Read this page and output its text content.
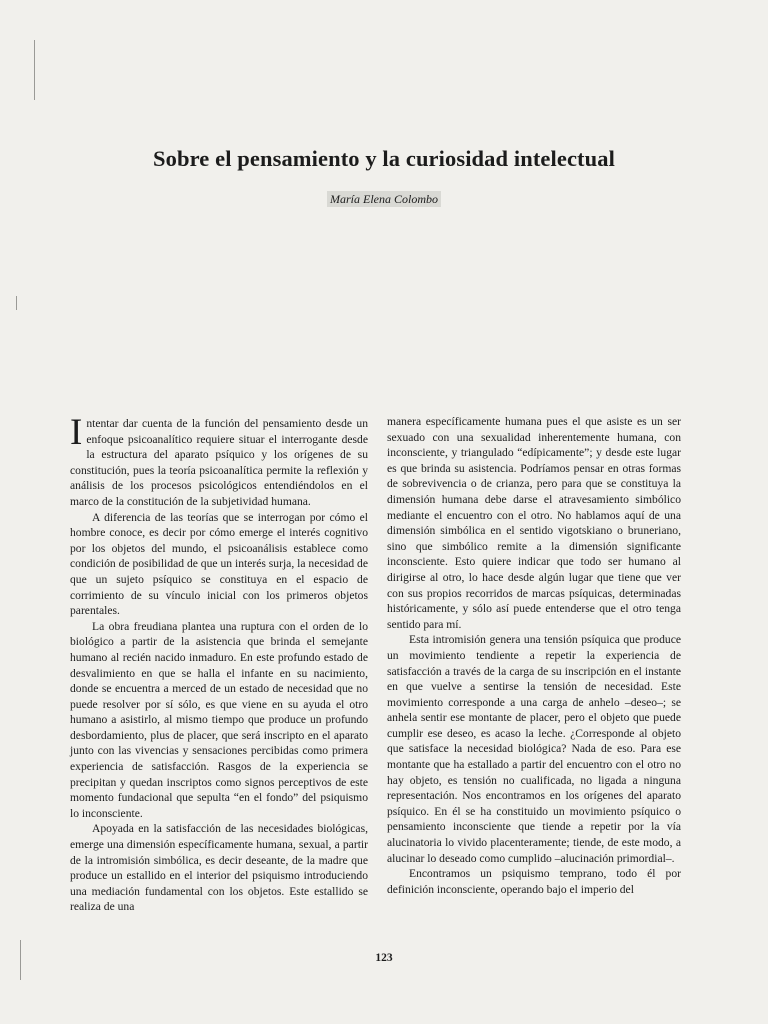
Sobre el pensamiento y la curiosidad intelectual
María Elena Colombo

Intentar dar cuenta de la función del pensamiento desde un enfoque psicoanalítico requiere situar el interrogante desde la estructura del aparato psíquico y los orígenes de su constitución, pues la teoría psicoanalítica permite la reflexión y análisis de los procesos psicológicos entendiéndolos en el marco de la constitución de la subjetividad humana.

A diferencia de las teorías que se interrogan por cómo el hombre conoce, es decir por cómo emerge el interés cognitivo por los objetos del mundo, el psicoanálisis establece como condición de posibilidad de que un interés surja, la necesidad de que un sujeto psíquico se constituya en el espacio de corrimiento de su vínculo inicial con los primeros objetos parentales.

La obra freudiana plantea una ruptura con el orden de lo biológico a partir de la asistencia que brinda el semejante humano al recién nacido inmaduro. En este profundo estado de desvalimiento en que se halla el infante en su nacimiento, donde se encuentra a merced de un estado de necesidad que no puede resolver por sí sólo, es que viene en su ayuda el otro humano a asistirlo, al mismo tiempo que produce un profundo desbordamiento, plus de placer, que será inscripto en el aparato junto con las vivencias y sensaciones percibidas como primera experiencia de satisfacción. Rasgos de la experiencia se precipitan y quedan inscriptos como signos perceptivos de este momento fundacional que sepulta “en el fondo” del psiquismo lo inconsciente.

Apoyada en la satisfacción de las necesidades biológicas, emerge una dimensión específicamente humana, sexual, a partir de la intromisión simbólica, es decir deseante, de la madre que produce un estallido en el interior del psiquismo introduciendo una mediación fundamental con los objetos. Este estallido se realiza de una

manera específicamente humana pues el que asiste es un ser sexuado con una sexualidad inherentemente humana, con inconsciente, y triangulado “edípicamente”; y desde este lugar es que brinda su asistencia. Podríamos pensar en otras formas de sobrevivencia o de crianza, pero para que se constituya la dimensión humana debe darse el atravesamiento simbólico mediante el encuentro con el otro. No hablamos aquí de una dimensión simbólica en el sentido vigotskiano o bruneriano, sino que simbólico remite a la dimensión significante inconsciente. Esto quiere indicar que todo ser humano al dirigirse al otro, lo hace desde algún lugar que tiene que ver con sus propios recorridos de marcas psíquicas, determinadas históricamente, y sólo así puede entenderse que el otro tenga sentido para mí.

Esta intromisión genera una tensión psíquica que produce un movimiento tendiente a repetir la experiencia de satisfacción a través de la carga de su inscripción en el instante en que vuelve a sentirse la tensión de necesidad. Este movimiento corresponde a una carga de anhelo –deseo–; se anhela sentir ese montante de placer, pero el objeto que puede cumplir ese deseo, es acaso la leche. ¿Corresponde al objeto que satisface la necesidad biológica? Nada de eso. Para ese montante que ha estallado a partir del encuentro con el otro no hay objeto, es tensión no cualificada, no ligada a ninguna representación. Nos encontramos en los orígenes del aparato psíquico. En él se ha constituido un movimiento psíquico o pensamiento inconsciente que tiende a repetir por la vía alucinatoria lo vivido placenteramente; tiende, de este modo, a alucinar lo deseado como cumplido –alucinación primordial–.

Encontramos un psiquismo temprano, todo él por definición inconsciente, operando bajo el imperio del

123
